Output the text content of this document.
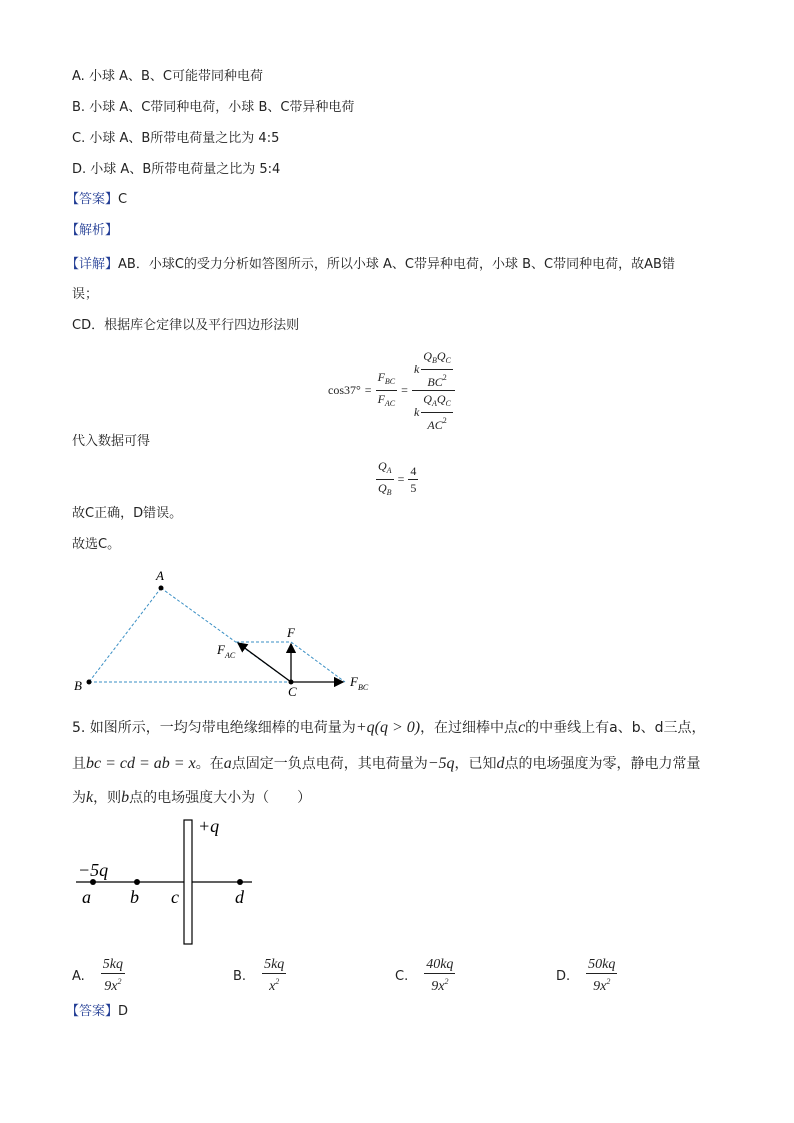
A. 小球 A、B、C可能带同种电荷
B. 小球 A、C带同种电荷，小球 B、C带异种电荷
C. 小球 A、B所带电荷量之比为 4:5
D. 小球 A、B所带电荷量之比为 5:4
【答案】C
【解析】
【详解】AB．小球C的受力分析如答图所示，所以小球 A、C带异种电荷，小球 B、C带同种电荷，故AB错
误；
CD．根据库仑定律以及平行四边形法则
$\cos 37^\circ = \frac{F_{BC}}{F_{AC}} = \frac{k \frac{Q_BQ_C}{BC^2}}{k \frac{Q_AQ_C}{AC^2}}$
代入数据可得
$\frac{Q_A}{Q_B} = \frac{4}{5}$
故C正确，D错误。
故选C。
A
B	C
F
$F_{AC}$
$F_{BC}$
5. 如图所示，一均匀带电绝缘细棒的电荷量为+q(q > 0)，在过细棒中点c的中垂线上有a、b、d三点，
且bc = cd = ab = x。在a点固定一负点电荷，其电荷量为−5q，已知d点的电场强度为零，静电力常量
为k，则b点的电场强度大小为（　　）
+q
−5q
a b c	d
A. $\frac{5kq}{9x^2}$	B. $\frac{5kq}{x^2}$	C. $\frac{40kq}{9x^2}$	D. $\frac{50kq}{9x^2}$
【答案】D
